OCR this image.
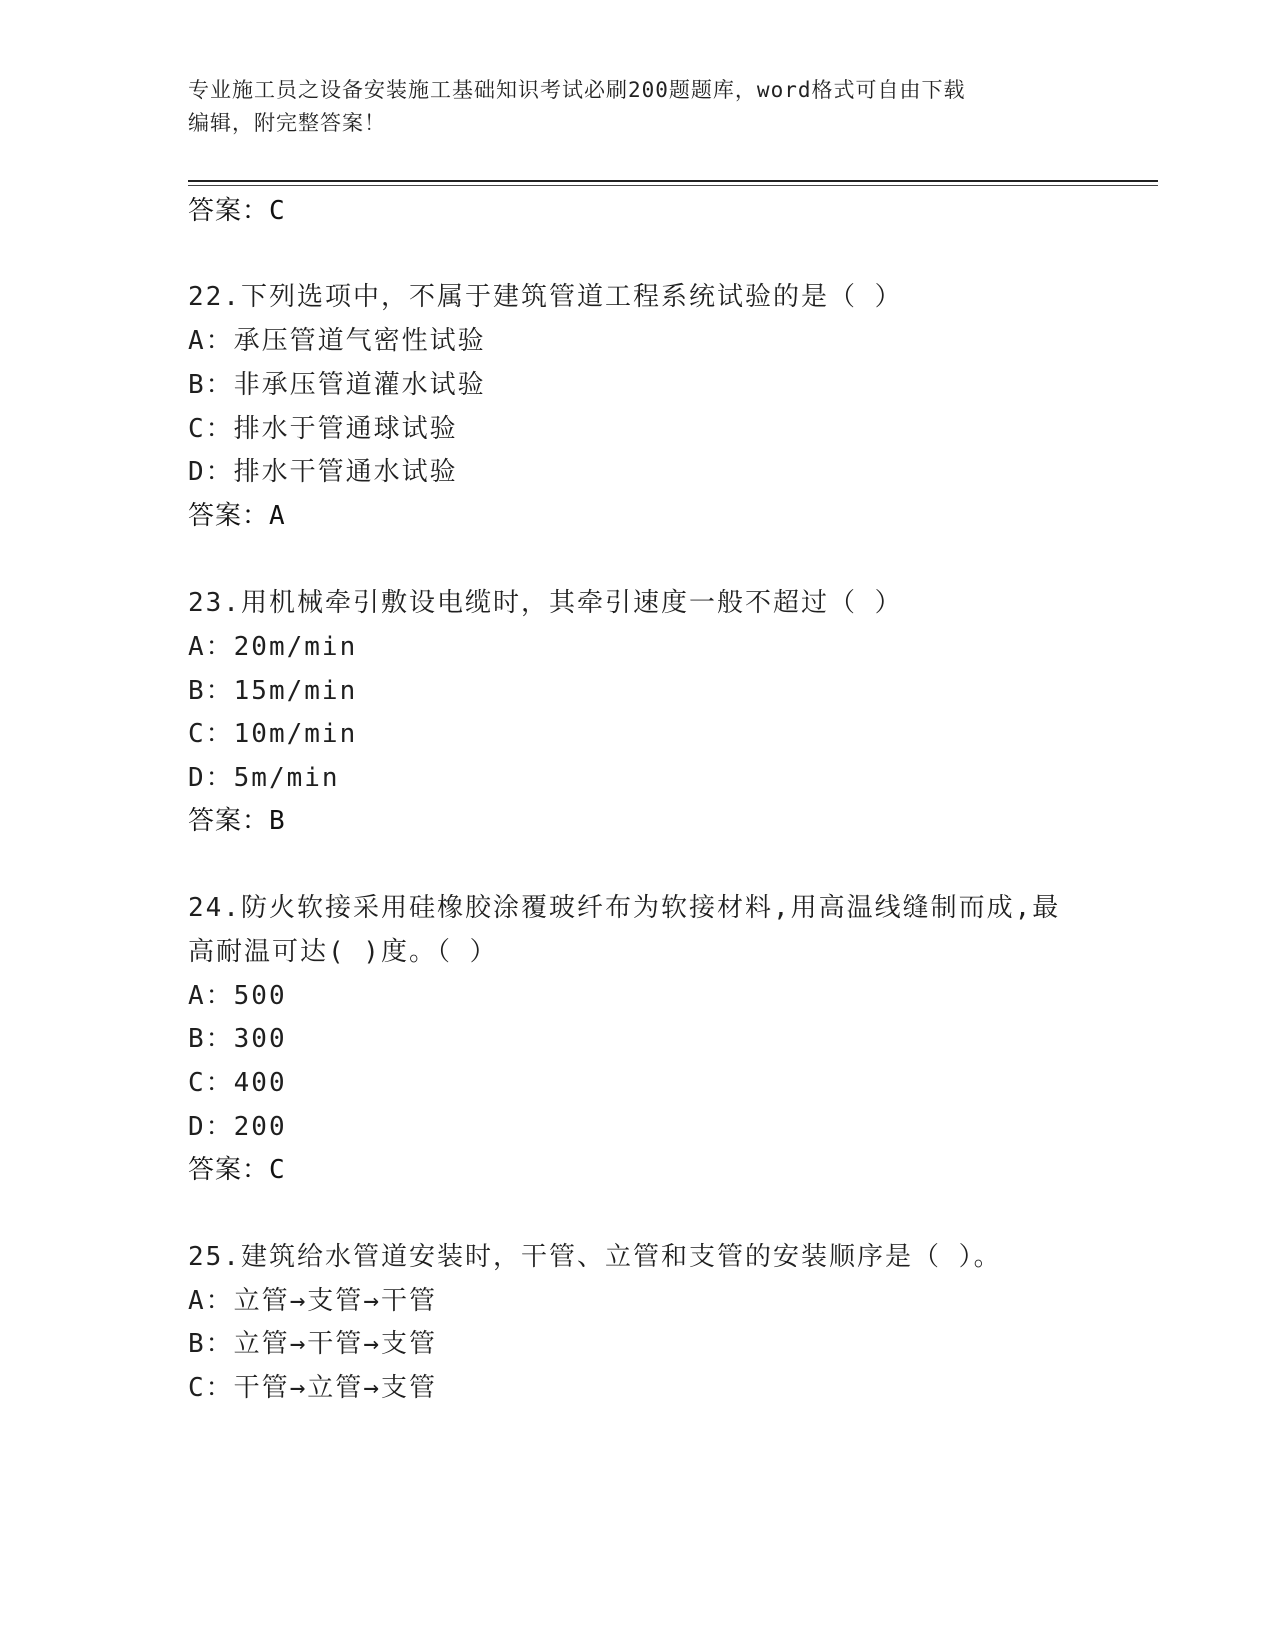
专业施工员之设备安装施工基础知识考试必刷200题题库，word格式可自由下载
编辑，附完整答案！
答案：C
22.下列选项中，不属于建筑管道工程系统试验的是（ ）
A：承压管道气密性试验
B：非承压管道灌水试验
C：排水于管通球试验
D：排水干管通水试验
答案：A
23.用机械牵引敷设电缆时，其牵引速度一般不超过（ ）
A：20m/min
B：15m/min
C：10m/min
D：5m/min
答案：B
24.防火软接采用硅橡胶涂覆玻纤布为软接材料,用高温线缝制而成,最
高耐温可达( )度。（ ）
A：500
B：300
C：400
D：200
答案：C
25.建筑给水管道安装时，干管、立管和支管的安装顺序是（ ）。
A：立管→支管→干管
B：立管→干管→支管
C：干管→立管→支管
